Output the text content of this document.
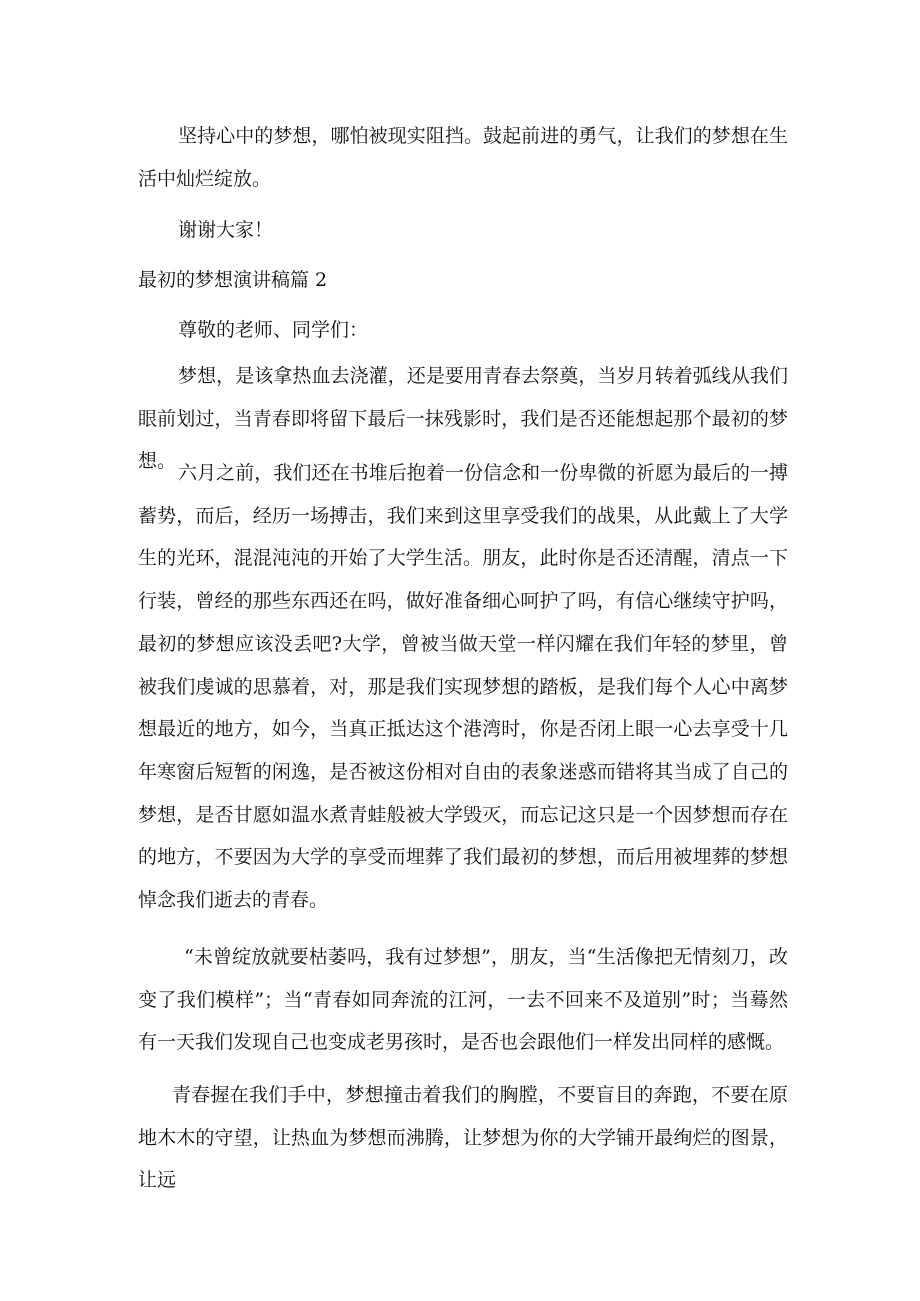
坚持心中的梦想，哪怕被现实阻挡。鼓起前进的勇气，让我们的梦想在生活中灿烂绽放。

谢谢大家！

最初的梦想演讲稿篇 2

尊敬的老师、同学们：

梦想，是该拿热血去浇灌，还是要用青春去祭奠，当岁月转着弧线从我们眼前划过，当青春即将留下最后一抹残影时，我们是否还能想起那个最初的梦想。

六月之前，我们还在书堆后抱着一份信念和一份卑微的祈愿为最后的一搏蓄势，而后，经历一场搏击，我们来到这里享受我们的战果，从此戴上了大学生的光环，混混沌沌的开始了大学生活。朋友，此时你是否还清醒，清点一下行装，曾经的那些东西还在吗，做好准备细心呵护了吗，有信心继续守护吗，最初的梦想应该没丢吧?大学，曾被当做天堂一样闪耀在我们年轻的梦里，曾被我们虔诚的思慕着，对，那是我们实现梦想的踏板，是我们每个人心中离梦想最近的地方，如今，当真正抵达这个港湾时，你是否闭上眼一心去享受十几年寒窗后短暂的闲逸，是否被这份相对自由的表象迷惑而错将其当成了自己的梦想，是否甘愿如温水煮青蛙般被大学毁灭，而忘记这只是一个因梦想而存在的地方，不要因为大学的享受而埋葬了我们最初的梦想，而后用被埋葬的梦想悼念我们逝去的青春。

“未曾绽放就要枯萎吗，我有过梦想”，朋友，当“生活像把无情刻刀，改变了我们模样”；当“青春如同奔流的江河，一去不回来不及道别”时；当蓦然有一天我们发现自己也变成老男孩时，是否也会跟他们一样发出同样的感慨。

青春握在我们手中，梦想撞击着我们的胸膛，不要盲目的奔跑，不要在原地木木的守望，让热血为梦想而沸腾，让梦想为你的大学铺开最绚烂的图景，让远
